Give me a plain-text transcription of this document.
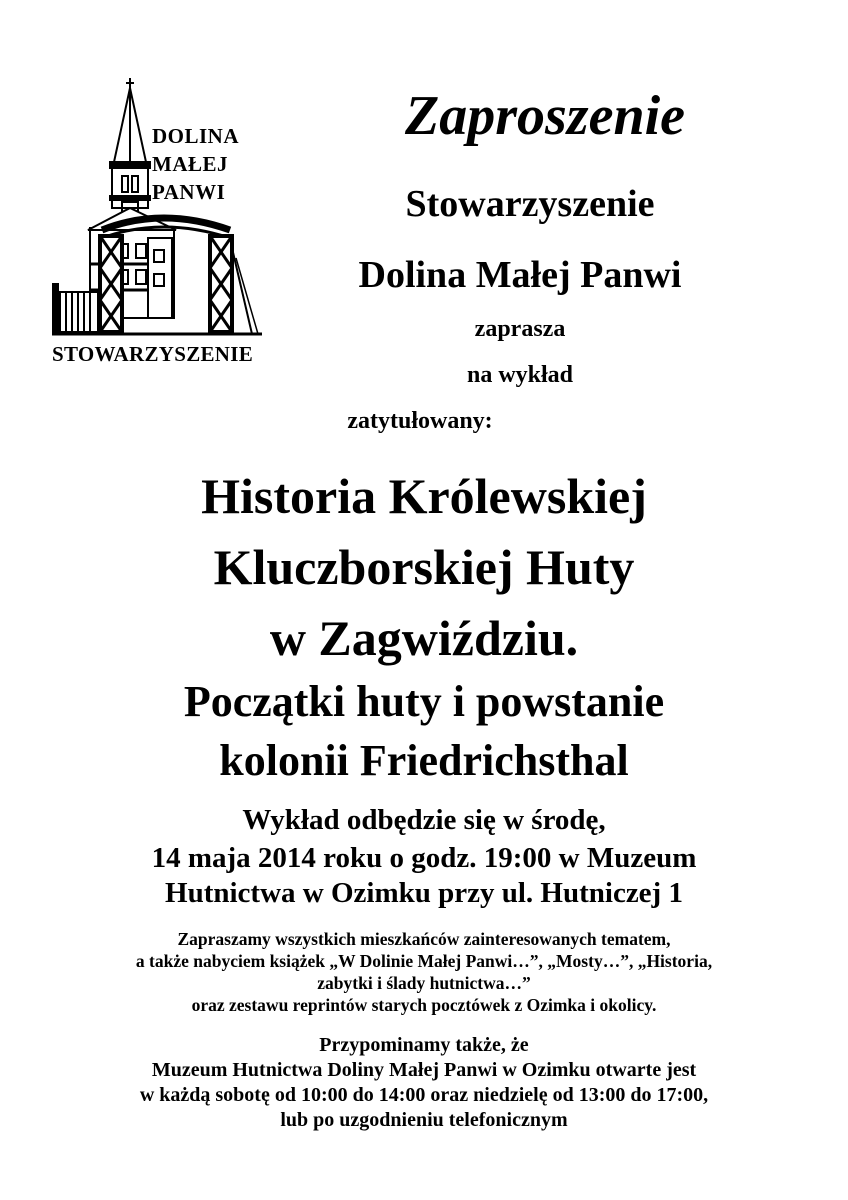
DOLINA
MAŁEJ
PANWI
STOWARZYSZENIE
Zaproszenie
Stowarzyszenie
Dolina Małej Panwi
zaprasza
na wykład
zatytułowany:
Historia Królewskiej
Kluczborskiej Huty
w Zagwiździu.
Początki huty i powstanie
kolonii Friedrichsthal
Wykład odbędzie się w środę,
14 maja 2014 roku o godz. 19:00 w Muzeum
Hutnictwa w Ozimku przy ul. Hutniczej 1
Zapraszamy wszystkich mieszkańców zainteresowanych tematem,
a także nabyciem książek „W Dolinie Małej Panwi…”, „Mosty…”, „Historia,
zabytki i ślady hutnictwa…”
oraz zestawu reprintów starych pocztówek z Ozimka i okolicy.
Przypominamy także, że
Muzeum Hutnictwa Doliny Małej Panwi w Ozimku otwarte jest
w każdą sobotę od 10:00 do 14:00 oraz niedzielę od 13:00 do 17:00,
lub po uzgodnieniu telefonicznym
